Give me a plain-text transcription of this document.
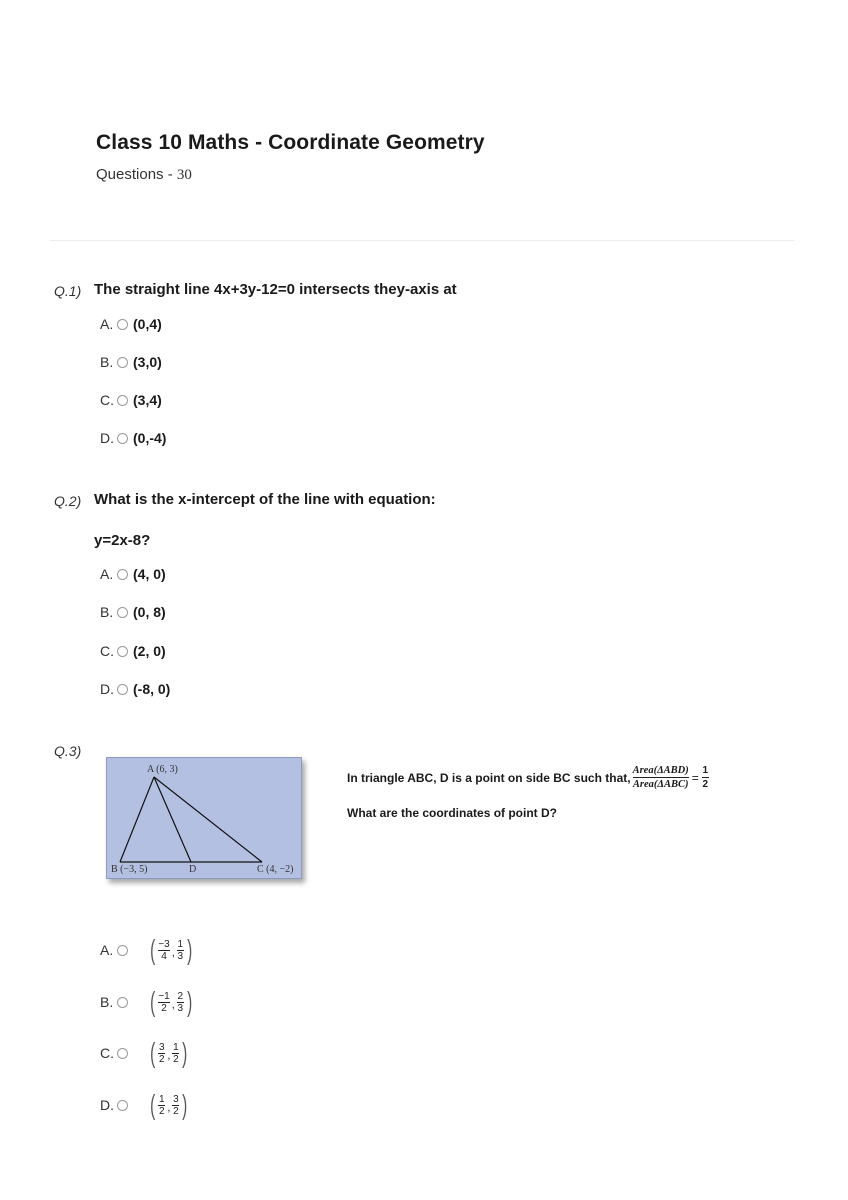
Class 10 Maths - Coordinate Geometry
Questions - 30
Q.1) The straight line 4x+3y-12=0 intersects they-axis at
A. (0,4)
B. (3,0)
C. (3,4)
D. (0,-4)
Q.2) What is the x-intercept of the line with equation:
y=2x-8?
A. (4, 0)
B. (0, 8)
C. (2, 0)
D. (-8, 0)
Q.3)
A (6, 3)
B (−3, 5)	D	C (4, −2)
In triangle ABC, D is a point on side BC such that, $\frac{\text{Area(ΔABD)}}{\text{Area(ΔABC)}} = 1$
2
What are the coordinates of point D?
A. ( −3
4 ,
1
3 )
B. ( −1
2 ,
2
3 )
C. ( 3
2 ,
1
2 )
D. ( 1
2 ,
3
2 )
